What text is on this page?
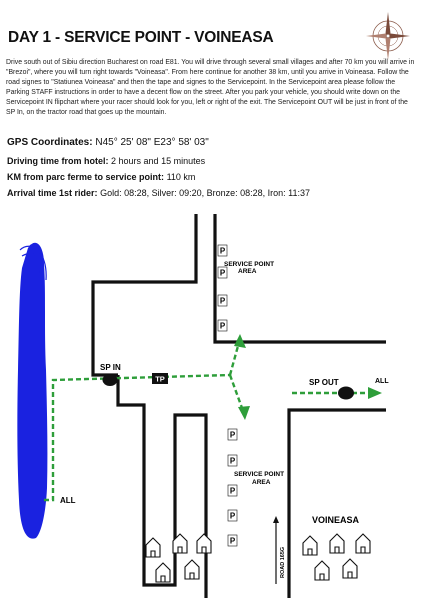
DAY 1 - SERVICE POINT - VOINEASA

Drive south out of Sibiu direction Bucharest on road E81. You will drive through several small villages and after 70 km you will arrive in "Brezoi", where you will turn right towards "Voineasa". From here continue for another 38 km, until you arrive in Voineasa. Follow the road signes to "Statiunea Voineasa" and then the tape and signes to the Servicepoint. In the Servicepoint area please follow the Parking STAFF instructions in order to have a decent flow on the street. After you park your vehicle, you should write down on the Servicepoint IN flipchart where your racer should look for you, left or right of the exit. The Servicepoint OUT will be just in front of the SP In, on the tractor road that goes up the mountain.

GPS Coordinates: N45° 25' 08" E23° 58' 03"

Driving time from hotel: 2 hours and 15 minutes

KM from parc ferme to service point: 110 km

Arrival time 1st rider: Gold: 08:28, Silver: 09:20, Bronze: 08:28, Iron: 11:37

P
P
P
P
P
P
P
P
P
SERVICE POINT AREA
SERVICE POINT AREA
SP IN
TP	SP OUT	ALL
ALL
VOINEASA
ROAD 165G
